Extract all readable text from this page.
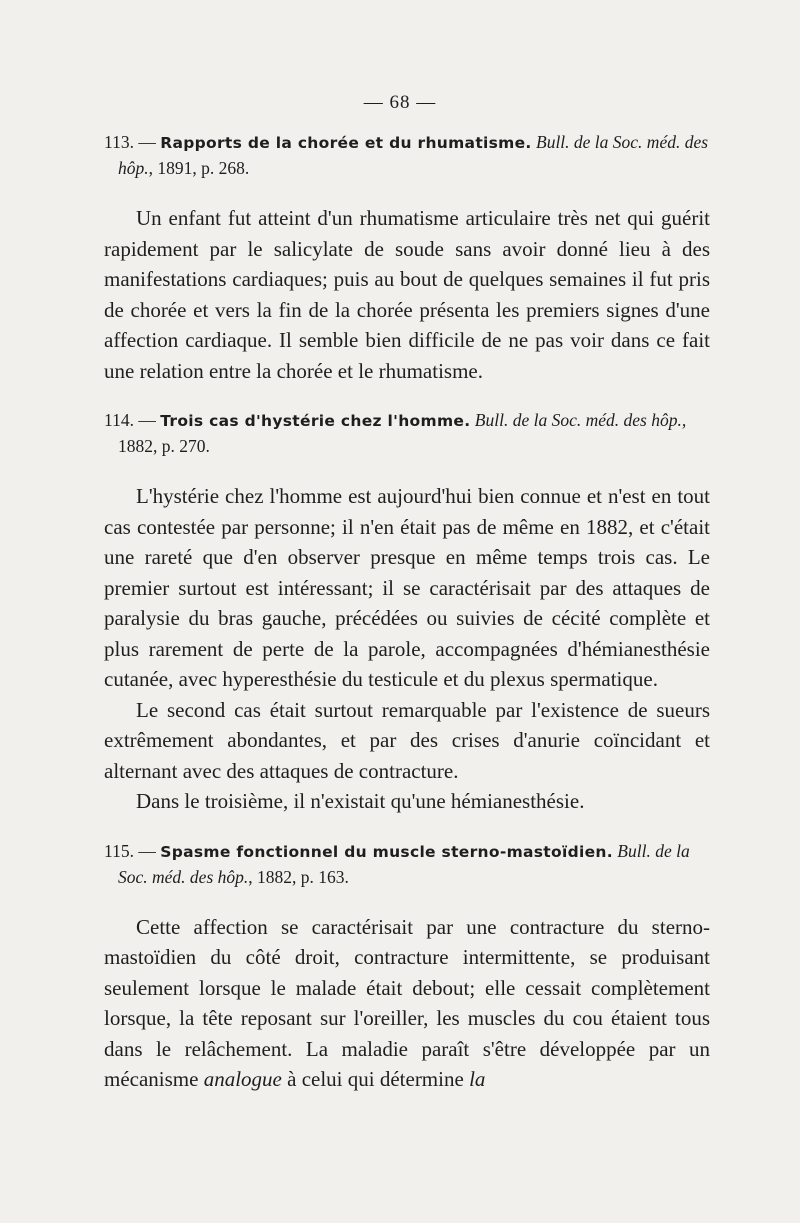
— 68 —

113. — Rapports de la chorée et du rhumatisme. Bull. de la Soc. méd. des hôp., 1891, p. 268.

Un enfant fut atteint d'un rhumatisme articulaire très net qui guérit rapidement par le salicylate de soude sans avoir donné lieu à des manifestations cardiaques; puis au bout de quelques semaines il fut pris de chorée et vers la fin de la chorée présenta les premiers signes d'une affection cardiaque. Il semble bien difficile de ne pas voir dans ce fait une relation entre la chorée et le rhumatisme.

114. — Trois cas d'hystérie chez l'homme. Bull. de la Soc. méd. des hôp., 1882, p. 270.

L'hystérie chez l'homme est aujourd'hui bien connue et n'est en tout cas contestée par personne; il n'en était pas de même en 1882, et c'était une rareté que d'en observer presque en même temps trois cas. Le premier surtout est intéressant; il se caractérisait par des attaques de paralysie du bras gauche, précédées ou suivies de cécité complète et plus rarement de perte de la parole, accompagnées d'hémianesthésie cutanée, avec hyperesthésie du testicule et du plexus spermatique.

Le second cas était surtout remarquable par l'existence de sueurs extrêmement abondantes, et par des crises d'anurie coïncidant et alternant avec des attaques de contracture.

Dans le troisième, il n'existait qu'une hémianesthésie.

115. — Spasme fonctionnel du muscle sterno-mastoïdien. Bull. de la Soc. méd. des hôp., 1882, p. 163.

Cette affection se caractérisait par une contracture du sterno-mastoïdien du côté droit, contracture intermittente, se produisant seulement lorsque le malade était debout; elle cessait complètement lorsque, la tête reposant sur l'oreiller, les muscles du cou étaient tous dans le relâchement. La maladie paraît s'être développée par un mécanisme analogue à celui qui détermine la
